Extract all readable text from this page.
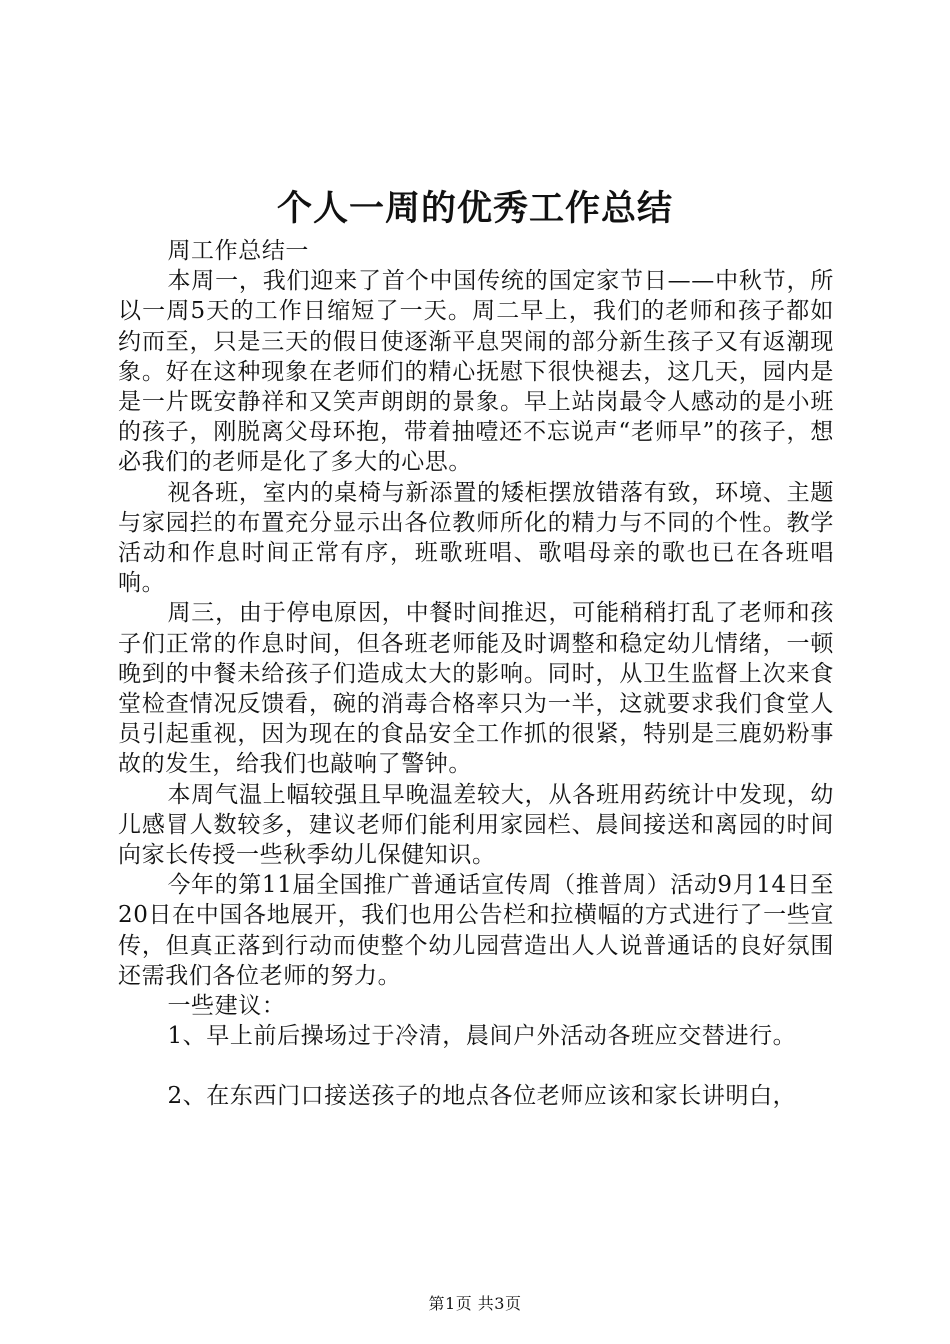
个人一周的优秀工作总结

周工作总结一

本周一，我们迎来了首个中国传统的国定家节日——中秋节，所以一周5天的工作日缩短了一天。周二早上，我们的老师和孩子都如约而至，只是三天的假日使逐渐平息哭闹的部分新生孩子又有返潮现象。好在这种现象在老师们的精心抚慰下很快褪去，这几天，园内是是一片既安静祥和又笑声朗朗的景象。早上站岗最令人感动的是小班的孩子，刚脱离父母环抱，带着抽噎还不忘说声“老师早”的孩子，想必我们的老师是化了多大的心思。

视各班，室内的桌椅与新添置的矮柜摆放错落有致，环境、主题与家园拦的布置充分显示出各位教师所化的精力与不同的个性。教学活动和作息时间正常有序，班歌班唱、歌唱母亲的歌也已在各班唱响。

周三，由于停电原因，中餐时间推迟，可能稍稍打乱了老师和孩子们正常的作息时间，但各班老师能及时调整和稳定幼儿情绪，一顿晚到的中餐未给孩子们造成太大的影响。同时，从卫生监督上次来食堂检查情况反馈看，碗的消毒合格率只为一半，这就要求我们食堂人员引起重视，因为现在的食品安全工作抓的很紧，特别是三鹿奶粉事故的发生，给我们也敲响了警钟。

本周气温上幅较强且早晚温差较大，从各班用药统计中发现，幼儿感冒人数较多，建议老师们能利用家园栏、晨间接送和离园的时间向家长传授一些秋季幼儿保健知识。

今年的第11届全国推广普通话宣传周（推普周）活动9月14日至20日在中国各地展开，我们也用公告栏和拉横幅的方式进行了一些宣传，但真正落到行动而使整个幼儿园营造出人人说普通话的良好氛围还需我们各位老师的努力。

一些建议：

1、早上前后操场过于冷清，晨间户外活动各班应交替进行。

2、在东西门口接送孩子的地点各位老师应该和家长讲明白，

第1页 共3页
